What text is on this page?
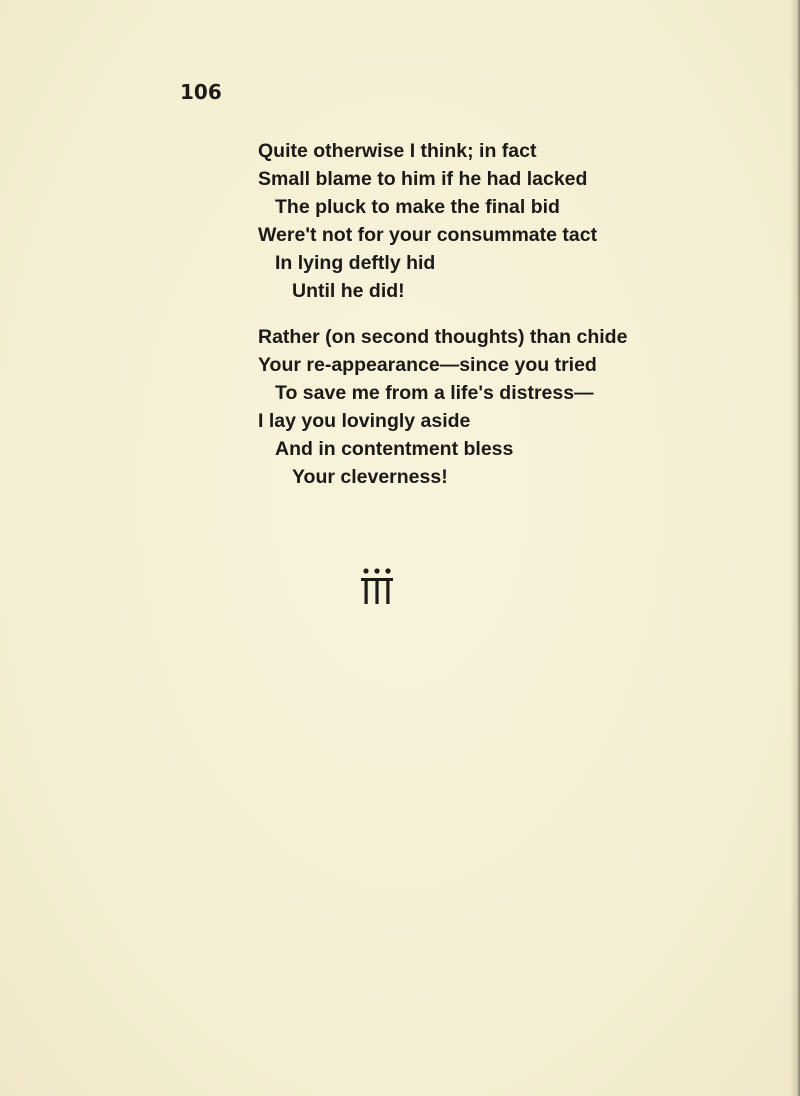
106
Quite otherwise I think; in fact
Small blame to him if he had lacked
The pluck to make the final bid
Were't not for your consummate tact
In lying deftly hid
Until he did!
Rather (on second thoughts) than chide
Your re-appearance—since you tried
To save me from a life's distress—
I lay you lovingly aside
And in contentment bless
Your cleverness!
